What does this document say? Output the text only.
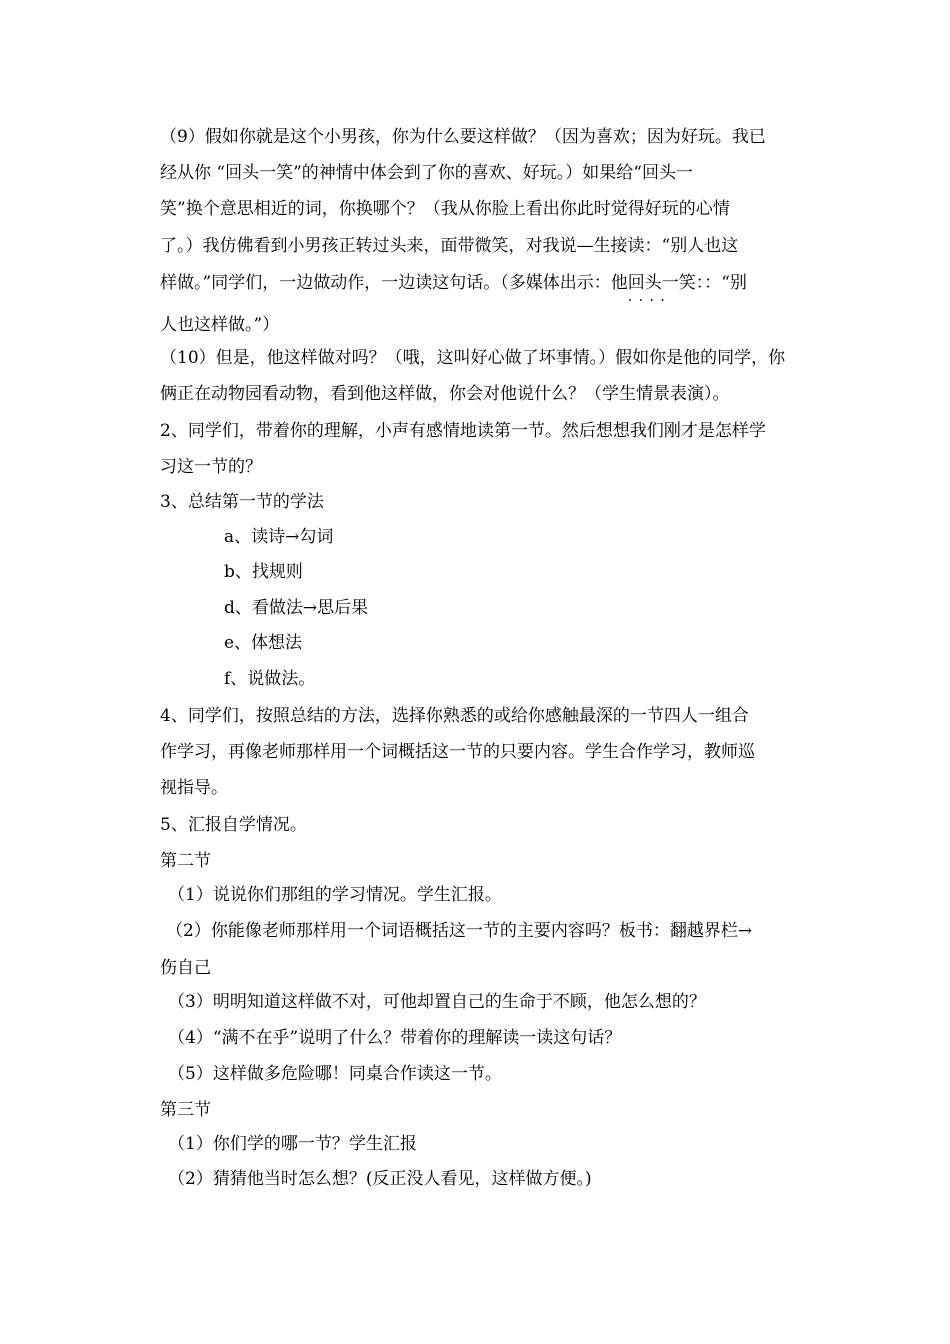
（9）假如你就是这个小男孩，你为什么要这样做？（因为喜欢；因为好玩。我已
经从你 “回头一笑”的神情中体会到了你的喜欢、好玩。）如果给“回头一
笑”换个意思相近的词，你换哪个？（我从你脸上看出你此时觉得好玩的心情
了。）我仿佛看到小男孩正转过头来，面带微笑，对我说—生接读：“别人也这
样做。”同学们，一边做动作，一边读这句话。（多媒体出示：他回头一笑 · · ：：“别
人也这样做。”）
（10）但是，他这样做对吗？（哦，这叫好心做了坏事情。）假如你是他的同学，你
俩正在动物园看动物，看到他这样做，你会对他说什么？（学生情景表演）。
2、同学们，带着你的理解，小声有感情地读第一节。然后想想我们刚才是怎样学
习这一节的？
3、总结第一节的学法
a、读诗→勾词
b、找规则
d、看做法→思后果
e、体想法
f、说做法。
4、同学们，按照总结的方法，选择你熟悉的或给你感触最深的一节四人一组合
作学习，再像老师那样用一个词概括这一节的只要内容。学生合作学习，教师巡
视指导。
5、汇报自学情况。
第二节
（1）说说你们那组的学习情况。学生汇报。
（2）你能像老师那样用一个词语概括这一节的主要内容吗？板书：翻越界栏→
伤自己
（3）明明知道这样做不对，可他却置自己的生命于不顾，他怎么想的？
（4）“满不在乎”说明了什么？带着你的理解读一读这句话？
（5）这样做多危险哪！同桌合作读这一节。
第三节
（1）你们学的哪一节？学生汇报
（2）猜猜他当时怎么想？(反正没人看见，这样做方便。)
